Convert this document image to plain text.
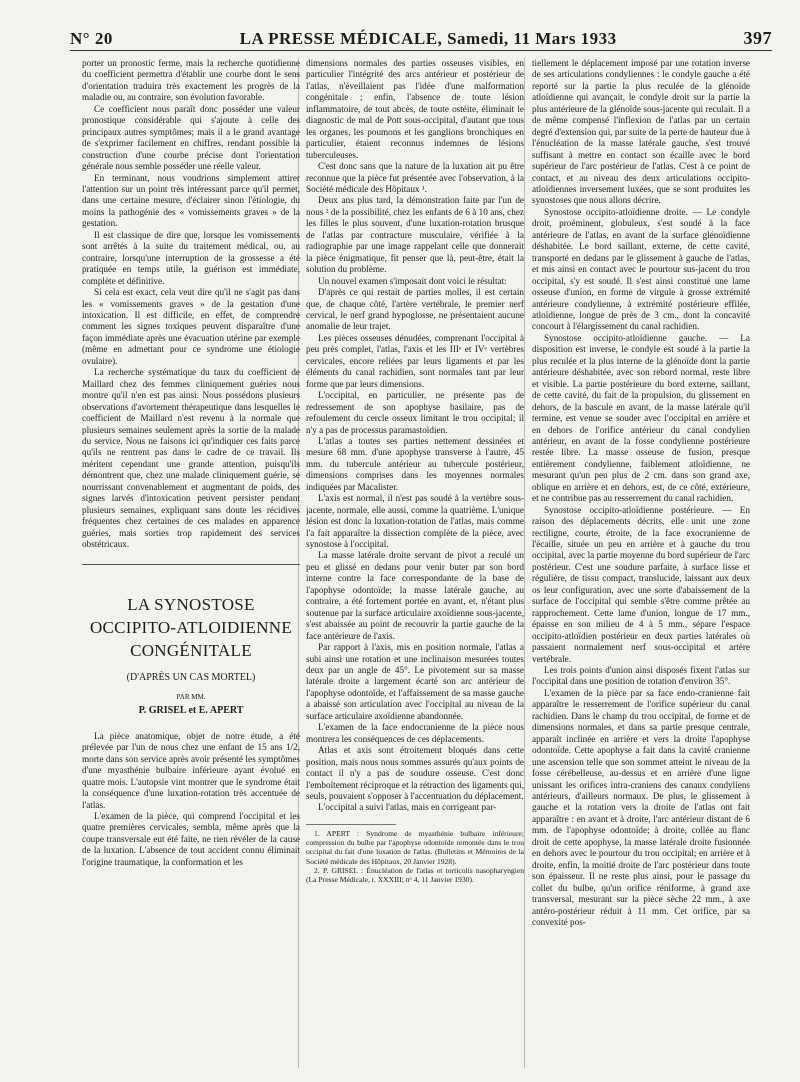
N° 20	LA PRESSE MÉDICALE, Samedi, 11 Mars 1933	397

porter un pronostic ferme, mais la recherche quotidienne du coefficient permettra d'établir une courbe dont le sens d'orientation traduira très exactement les progrès de la maladie ou, au contraire, son évolution favorable.

Ce coefficient nous paraît donc posséder une valeur pronostique considérable qui s'ajoute à celle des principaux autres symptômes; mais il a le grand avantage de s'exprimer facilement en chiffres, rendant possible la construction d'une courbe précise dont l'orientation générale nous semble posséder une réelle valeur.

En terminant, nous voudrions simplement attirer l'attention sur un point très intéressant parce qu'il permet, dans une certaine mesure, d'éclairer sinon l'étiologie, du moins la pathogénie des « vomissements graves » de la gestation.

Il est classique de dire que, lorsque les vomissements sont arrêtés à la suite du traitement médical, ou, au contraire, lorsqu'une interruption de la grossesse a été pratiquée en temps utile, la guérison est immédiate, complète et définitive.

Si cela est exact, cela veut dire qu'il ne s'agit pas dans les « vomissements graves » de la gestation d'une intoxication. Il est difficile, en effet, de comprendre comment les signes toxiques peuvent disparaître d'une façon immédiate après une évacuation utérine par exemple (même en admettant pour ce syndrome une étiologie ovulaire).

La recherche systématique du taux du coefficient de Maillard chez des femmes cliniquement guéries nous montre qu'il n'en est pas ainsi. Nous possédons plusieurs observations d'avortement thérapeutique dans lesquelles le coefficient de Maillard n'est revenu à la normale que plusieurs semaines seulement après la sortie de la malade du service. Nous ne faisons ici qu'indiquer ces faits parce qu'ils ne rentrent pas dans le cadre de ce travail. Ils méritent cependant une grande attention, puisqu'ils démontrent que, chez une malade cliniquement guérie, se nourrissant convenablement et augmentant de poids, des signes larvés d'intoxication peuvent persister pendant plusieurs semaines, expliquant sans doute les récidives fréquentes chez certaines de ces malades en apparence guéries, mais sorties trop rapidement des services obstétricaux.

LA SYNOSTOSE
OCCIPITO-ATLOIDIENNE
CONGÉNITALE

(D'APRÈS UN CAS MORTEL)

PAR MM.

P. GRISEL et E. APERT

La pièce anatomique, objet de notre étude, a été prélevée par l'un de nous chez une enfant de 15 ans 1/2, morte dans son service après avoir présenté les symptômes d'une myasthénie bulbaire inférieure ayant évolué en quatre mois. L'autopsie vint montrer que le syndrome était la conséquence d'une luxation-rotation très accentuée de l'atlas.

L'examen de la pièce, qui comprend l'occipital et les quatre premières cervicales, sembla, même après que la coupe transversale eut été faite, ne rien révéler de la cause de la luxation. L'absence de tout accident connu éliminait l'origine traumatique, la conformation et les

dimensions normales des parties osseuses visibles, en particulier l'intégrité des arcs antérieur et postérieur de l'atlas, n'éveillaient pas l'idée d'une malformation congénitale ; enfin, l'absence de toute lésion inflammatoire, de tout abcès, de toute ostéite, éliminait le diagnostic de mal de Pott sous-occipital, d'autant que tous les organes, les poumons et les ganglions bronchiques en particulier, étaient reconnus indemnes de lésions tuberculeuses.

C'est donc sans que la nature de la luxation ait pu être reconnue que la pièce fut présentée avec l'observation, à la Société médicale des Hôpitaux ¹.

Deux ans plus tard, la démonstration faite par l'un de nous ² de la possibilité, chez les enfants de 6 à 10 ans, chez les filles le plus souvent, d'une luxation-rotation brusque de l'atlas par contracture musculaire, vérifiée à la radiographie par une image rappelant celle que donnerait la pièce énigmatique, fit penser que là, peut-être, était la solution du problème.

Un nouvel examen s'imposait dont voici le résultat:

D'après ce qui restait de parties molles, il est certain que, de chaque côté, l'artère vertébrale, le premier nerf cervical, le nerf grand hypoglosse, ne présentaient aucune anomalie de leur trajet.

Les pièces osseuses dénudées, comprenant l'occipital à peu près complet, l'atlas, l'axis et les IIIᵉ et IVᵉ vertèbres cervicales, encore reliées par leurs ligaments et par les éléments du canal rachidien, sont normales tant par leur forme que par leurs dimensions.

L'occipital, en particulier, ne présente pas de redressement de son apophyse basilaire, pas de refoulement du cercle osseux limitant le trou occipital; il n'y a pas de processus paramastoïdien.

L'atlas a toutes ses parties nettement dessinées et mesure 68 mm. d'une apophyse transverse à l'autre, 45 mm. du tubercule antérieur au tubercule postérieur, dimensions comprises dans les moyennes normales indiquées par Macalister.

L'axis est normal, il n'est pas soudé à la vertèbre sous-jacente, normale, elle aussi, comme la quatrième. L'unique lésion est donc la luxation-rotation de l'atlas, mais comme l'a fait apparaître la dissection complète de la pièce, avec synostose à l'occipital.

La masse latérale droite servant de pivot a reculé un peu et glissé en dedans pour venir buter par son bord interne contre la face correspondante de la base de l'apophyse odontoïde; la masse latérale gauche, au contraire, a été fortement portée en avant, et, n'étant plus soutenue par la surface articulaire axoïdienne sous-jacente, s'est abaissée au point de recouvrir la partie gauche de la face antérieure de l'axis.

Par rapport à l'axis, mis en position normale, l'atlas a subi ainsi une rotation et une inclinaison mesurées toutes deux par un angle de 45°. Le pivotement sur sa masse latérale droite a largement écarté son arc antérieur de l'apophyse odontoïde, et l'affaissement de sa masse gauche a abaissé son articulation avec l'occipital au niveau de la surface articulaire axoïdienne abandonnée.

L'examen de la face endocranienne de la pièce nous montrera les conséquences de ces déplacements.

Atlas et axis sont étroitement bloqués dans cette position, mais nous nous sommes assurés qu'aux points de contact il n'y a pas de soudure osseuse. C'est donc l'emboîtement réciproque et la rétraction des ligaments qui, seuls, pouvaient s'opposer à l'accentuation du déplacement.

L'occipital a suivi l'atlas, mais en corrigeant par-

1. APERT : Syndrome de myasthénie bulbaire inférieure; compression du bulbe par l'apophyse odontoïde remontée dans le trou occipital du fait d'une luxation de l'atlas. (Bulletins et Mémoires de la Société médicale des Hôpitaux, 20 Janvier 1928).

2. P. GRISEL : Énucléation de l'atlas et torticolis nasopharyngien (La Presse Médicale, t. XXXIII; nᵒ 4, 11 Janvier 1930).

tiellement le déplacement imposé par une rotation inverse de ses articulations condyliennes : le condyle gauche a été reporté sur la partie la plus reculée de la glénoïde atloïdienne qui avançait, le condyle droit sur la partie la plus antérieure de la glénoïde sous-jacente qui reculait. Il a de même compensé l'inflexion de l'atlas par un certain degré d'extension qui, par suite de la perte de hauteur due à l'énucléation de la masse latérale gauche, s'est trouvé suffisant à mettre en contact son écaille avec le bord supérieur de l'arc postérieur de l'atlas. C'est à ce point de contact, et au niveau des deux articulations occipito-atloïdiennes inversement luxées, que se sont produites les synostoses que nous allons décrire.

Synostose occipito-atloïdienne droite. — Le condyle droit, proéminent, globuleux, s'est soudé à la face antérieure de l'atlas, en avant de la surface glénoïdienne déshabitée. Le bord saillant, externe, de cette cavité, transporté en dedans par le glissement à gauche de l'atlas, et mis ainsi en contact avec le pourtour sus-jacent du trou occipital, s'y est soudé. Il s'est ainsi constitué une lame osseuse d'union, en forme de virgule à grosse extrémité antérieure condylienne, à extrémité postérieure effilée, atloïdienne, longue de près de 3 cm., dont la concavité concourt à l'élargissement du canal rachidien.

Synostose occipito-atloïdienne gauche. — La disposition est inverse, le condyle est soudé à la partie la plus reculée et la plus interne de la glénoïde dont la partie antérieure déshabitée, avec son rebord normal, reste libre et visible. La partie postérieure du bord externe, saillant, de cette cavité, du fait de la propulsion, du glissement en dehors, de la bascule en avant, de la masse latérale qu'il termine, est venue se souder avec l'occipital en arrière et en dehors de l'orifice antérieur du canal condylien antérieur, en avant de la fosse condylienne postérieure restée libre. La masse osseuse de fusion, presque entièrement condylienne, faiblement atloïdienne, ne mesurant qu'un peu plus de 2 cm. dans son grand axe, oblique en arrière et en dehors, est, de ce côté, extérieure, et ne contribue pas au resserrement du canal rachidien.

Synostose occipito-atloïdienne postérieure. — En raison des déplacements décrits, elle unit une zone rectiligne, courte, étroite, de la face exocranienne de l'écaille, située un peu en arrière et à gauche du trou occipital, avec la partie moyenne du bord supérieur de l'arc postérieur. C'est une soudure parfaite, à surface lisse et régulière, de tissu compact, translucide, laissant aux deux os leur configuration, avec une sorte d'abaissement de la surface de l'occipital qui semble s'être comme prêtée au rapprochement. Cette lame d'union, longue de 17 mm., épaisse en son milieu de 4 à 5 mm., sépare l'espace occipito-atloïdien postérieur en deux parties latérales où passaient normalement nerf sous-occipital et artère vertébrale.

Les trois points d'union ainsi disposés fixent l'atlas sur l'occipital dans une position de rotation d'environ 35°.

L'examen de la pièce par sa face endo-cranienne fait apparaître le resserrement de l'orifice supérieur du canal rachidien. Dans le champ du trou occipital, de forme et de dimensions normales, et dans sa partie presque centrale, apparaît inclinée en arrière et vers la droite l'apophyse odontoïde. Cette apophyse a fait dans la cavité cranienne une ascension telle que son sommet atteint le niveau de la fosse cérébelleuse, au-dessus et en arrière d'une ligne unissant les orifices intra-craniens des canaux condyliens antérieurs, d'ailleurs normaux. De plus, le glissement à gauche et la rotation vers la droite de l'atlas ont fait apparaître : en avant et à droite, l'arc antérieur distant de 6 mm. de l'apophyse odontoïde; à droite, collée au flanc droit de cette apophyse, la masse latérale droite fusionnée en dehors avec le pourtour du trou occipital; en arrière et à droite, enfin, la moitié droite de l'arc postérieur dans toute son épaisseur. Il ne reste plus ainsi, pour le passage du collet du bulbe, qu'un orifice réniforme, à grand axe transversal, mesurant sur la pièce sèche 22 mm., à axe antéro-postérieur réduit à 11 mm. Cet orifice, par sa convexité pos-
